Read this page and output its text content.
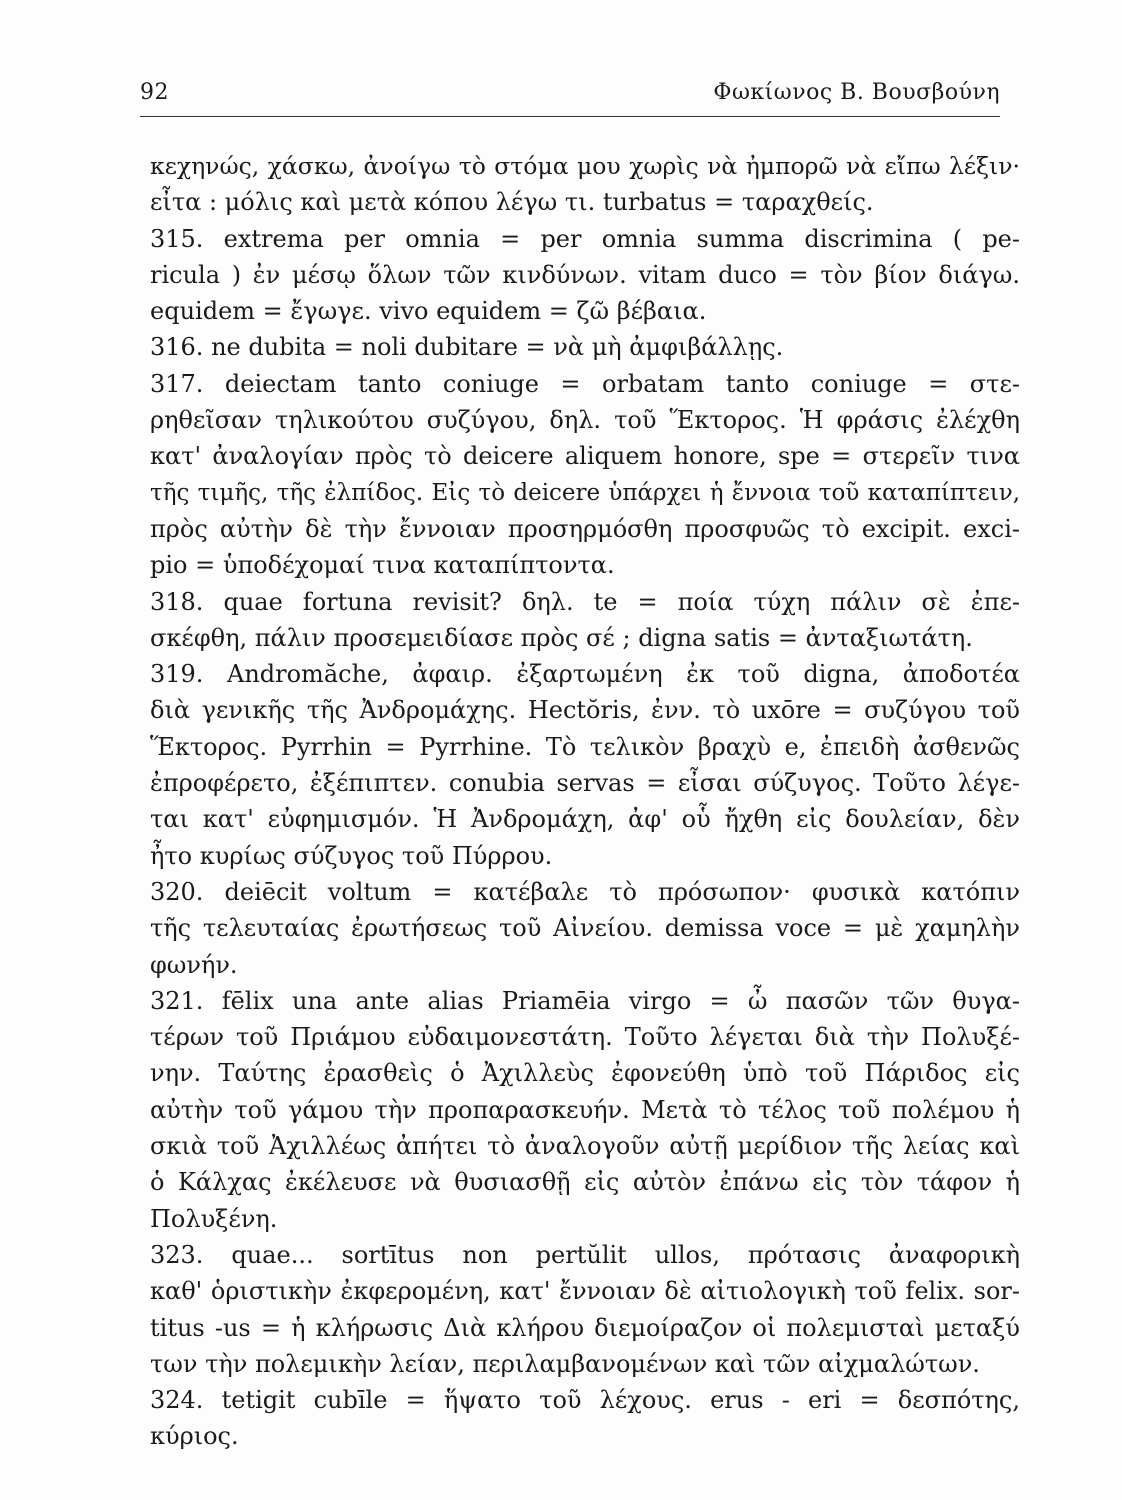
92	Φωκίωνος Β. Βουσβούνη
κεχηνώς, χάσκω, ἀνοίγω τὸ στόμα μου χωρὶς νὰ ἠμπορῶ νὰ εἴπω λέξιν·
εἶτα : μόλις καὶ μετὰ κόπου λέγω τι. turbatus = ταραχθείς.
315. extrema per omnia = per omnia summa discrimina ( pe-
ricula ) ἐν μέσῳ ὅλων τῶν κινδύνων. vitam duco = τὸν βίον διάγω.
equidem = ἔγωγε. vivo equidem = ζῶ βέβαια.
316. ne dubita = noli dubitare = νὰ μὴ ἀμφιβάλλῃς.
317. deiectam tanto coniuge = orbatam tanto coniuge = στε-
ρηθεῖσαν τηλικούτου συζύγου, δηλ. τοῦ Ἕκτορος. Ἡ φράσις ἐλέχθη
κατ' ἀναλογίαν πρὸς τὸ deicere aliquem honore, spe = στερεῖν τινα
τῆς τιμῆς, τῆς ἐλπίδος. Εἰς τὸ deicere ὑπάρχει ἡ ἔννοια τοῦ καταπίπτειν,
πρὸς αὐτὴν δὲ τὴν ἔννοιαν προσηρμόσθη προσφυῶς τὸ excipit. exci-
pio = ὑποδέχομαί τινα καταπίπτοντα.
318. quae fortuna revisit? δηλ. te = ποία τύχη πάλιν σὲ ἐπε-
σκέφθη, πάλιν προσεμειδίασε πρὸς σέ ; digna satis = ἀνταξιωτάτη.
319. Andromăche, ἀφαιρ. ἐξαρτωμένη ἐκ τοῦ digna, ἀποδοτέα
διὰ γενικῆς τῆς Ἀνδρομάχης. Hectŏris, ἐνν. τὸ uxōre = συζύγου τοῦ
Ἕκτορος. Pyrrhin = Pyrrhine. Τὸ τελικὸν βραχὺ e, ἐπειδὴ ἀσθενῶς
ἐπροφέρετο, ἐξέπιπτεν. conubia servas = εἶσαι σύζυγος. Τοῦτο λέγε-
ται κατ' εὐφημισμόν. Ἡ Ἀνδρομάχη, ἀφ' οὗ ἤχθη εἰς δουλείαν, δὲν
ἦτο κυρίως σύζυγος τοῦ Πύρρου.
320. deiēcit voltum = κατέβαλε τὸ πρόσωπον· φυσικὰ κατόπιν
τῆς τελευταίας ἐρωτήσεως τοῦ Αἰνείου. demissa voce = μὲ χαμηλὴν
φωνήν.
321. fēlix una ante alias Priamēia virgo = ὦ πασῶν τῶν θυγα-
τέρων τοῦ Πριάμου εὐδαιμονεστάτη. Τοῦτο λέγεται διὰ τὴν Πολυξέ-
νην. Ταύτης ἐρασθεὶς ὁ Ἀχιλλεὺς ἐφονεύθη ὑπὸ τοῦ Πάριδος εἰς
αὐτὴν τοῦ γάμου τὴν προπαρασκευήν. Μετὰ τὸ τέλος τοῦ πολέμου ἡ
σκιὰ τοῦ Ἀχιλλέως ἀπήτει τὸ ἀναλογοῦν αὐτῇ μερίδιον τῆς λείας καὶ
ὁ Κάλχας ἐκέλευσε νὰ θυσιασθῇ εἰς αὐτὸν ἐπάνω εἰς τὸν τάφον ἡ
Πολυξένη.
323. quae... sortītus non pertŭlit ullos, πρότασις ἀναφορικὴ
καθ' ὁριστικὴν ἐκφερομένη, κατ' ἔννοιαν δὲ αἰτιολογικὴ τοῦ felix. sor-
titus -us = ἡ κλήρωσις Διὰ κλήρου διεμοίραζον οἱ πολεμισταὶ μεταξύ
των τὴν πολεμικὴν λείαν, περιλαμβανομένων καὶ τῶν αἰχμαλώτων.
324. tetigit cubīle = ἥψατο τοῦ λέχους. erus - eri = δεσπότης,
κύριος.
